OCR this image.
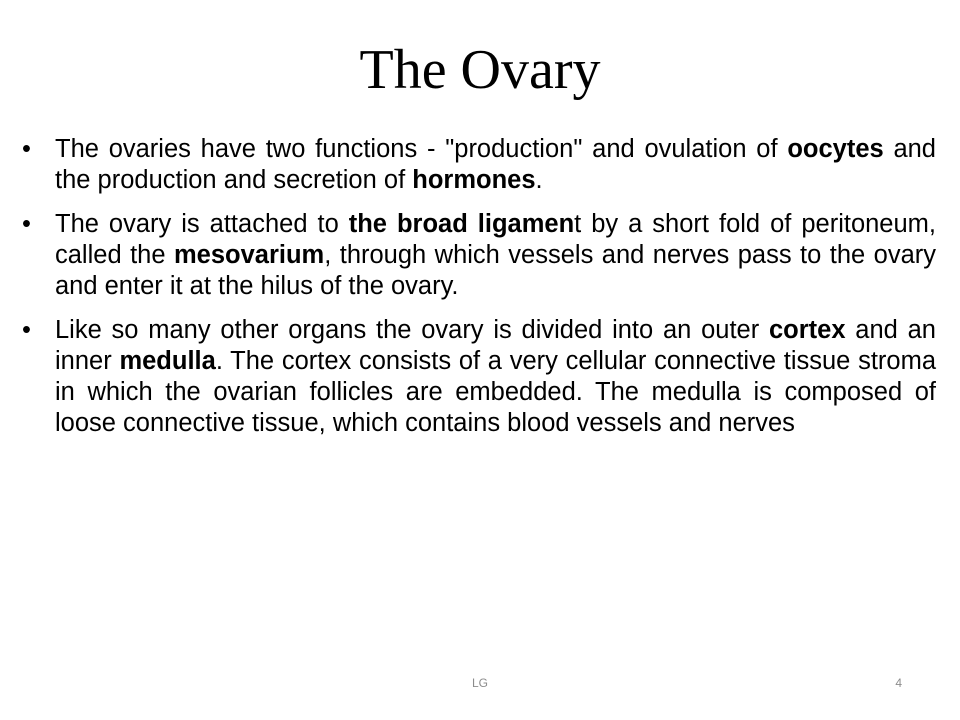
The Ovary
• The ovaries have two functions - "production" and ovulation of oocytes and the production and secretion of hormones.
• The ovary is attached to the broad ligament by a short fold of peritoneum, called the mesovarium, through which vessels and nerves pass to the ovary and enter it at the hilus of the ovary.
• Like so many other organs the ovary is divided into an outer cortex and an inner medulla. The cortex consists of a very cellular connective tissue stroma in which the ovarian follicles are embedded. The medulla is composed of loose connective tissue, which contains blood vessels and nerves
LG	4
